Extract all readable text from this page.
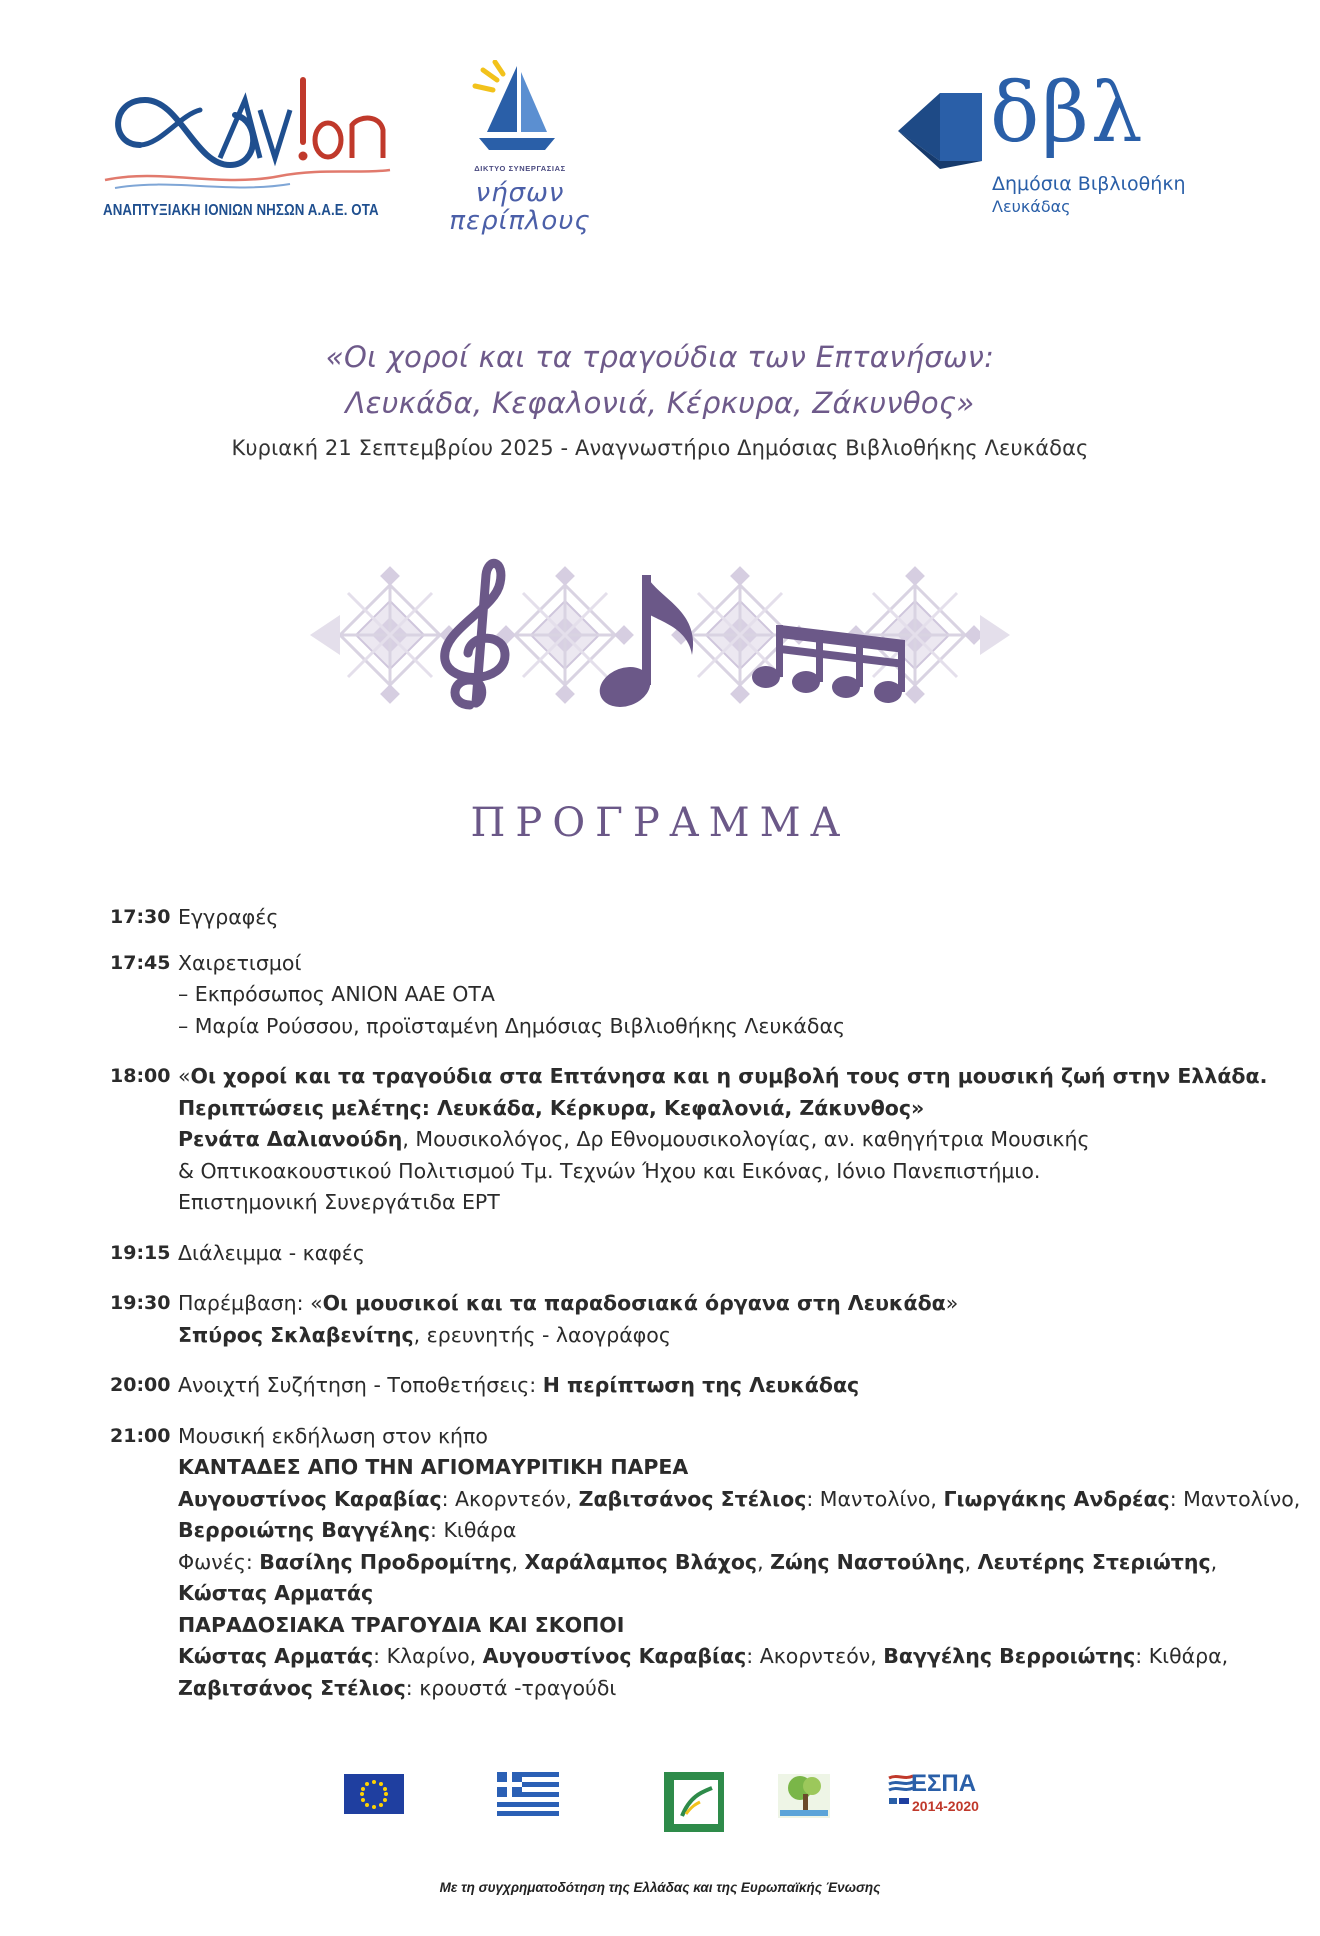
ΑΝΑΠΤΥΞΙΑΚΗ ΙΟΝΙΩΝ ΝΗΣΩΝ Α.Α.Ε. ΟΤΑ
ΔΙΚΤΥΟ ΣΥΝΕΡΓΑΣΙΑΣ
νήσων
περίπλους
δβλ
Δημόσια Βιβλιοθήκη
Λευκάδας
«Οι χοροί και τα τραγούδια των Επτανήσων:
Λευκάδα, Κεφαλονιά, Κέρκυρα, Ζάκυνθος»
Κυριακή 21 Σεπτεμβρίου 2025 - Αναγνωστήριο Δημόσιας Βιβλιοθήκης Λευκάδας
ΠΡΟΓΡΑΜΜΑ
17:30 Εγγραφές
17:45 Χαιρετισμοί
– Εκπρόσωπος ΑΝΙΟΝ ΑΑΕ ΟΤΑ
– Μαρία Ρούσσου, προϊσταμένη Δημόσιας Βιβλιοθήκης Λευκάδας
18:00 «Οι χοροί και τα τραγούδια στα Επτάνησα και η συμβολή τους στη μουσική ζωή στην Ελλάδα.
Περιπτώσεις μελέτης: Λευκάδα, Κέρκυρα, Κεφαλονιά, Ζάκυνθος»
Ρενάτα Δαλιανούδη, Μουσικολόγος, Δρ Εθνομουσικολογίας, αν. καθηγήτρια Μουσικής
& Οπτικοακουστικού Πολιτισμού Τμ. Τεχνών Ήχου και Εικόνας, Ιόνιο Πανεπιστήμιο.
Επιστημονική Συνεργάτιδα ΕΡΤ
19:15 Διάλειμμα - καφές
19:30 Παρέμβαση: «Οι μουσικοί και τα παραδοσιακά όργανα στη Λευκάδα»
Σπύρος Σκλαβενίτης, ερευνητής - λαογράφος
20:00 Ανοιχτή Συζήτηση - Τοποθετήσεις: Η περίπτωση της Λευκάδας
21:00 Μουσική εκδήλωση στον κήπο
ΚΑΝΤΑΔΕΣ ΑΠΟ ΤΗΝ ΑΓΙΟΜΑΥΡΙΤΙΚΗ ΠΑΡΕΑ
Αυγουστίνος Καραβίας: Ακορντεόν, Ζαβιτσάνος Στέλιος: Μαντολίνο, Γιωργάκης Ανδρέας: Μαντολίνο,
Βερροιώτης Βαγγέλης: Κιθάρα
Φωνές: Βασίλης Προδρομίτης, Χαράλαμπος Βλάχος, Ζώης Ναστούλης, Λευτέρης Στεριώτης,
Κώστας Αρματάς
ΠΑΡΑΔΟΣΙΑΚΑ ΤΡΑΓΟΥΔΙΑ ΚΑΙ ΣΚΟΠΟΙ
Κώστας Αρματάς: Κλαρίνο, Αυγουστίνος Καραβίας: Ακορντεόν, Βαγγέλης Βερροιώτης: Κιθάρα,
Ζαβιτσάνος Στέλιος: κρουστά -τραγούδι
ΕΣΠΑ
2014-2020
Με τη συγχρηματοδότηση της Ελλάδας και της Ευρωπαϊκής Ένωσης
